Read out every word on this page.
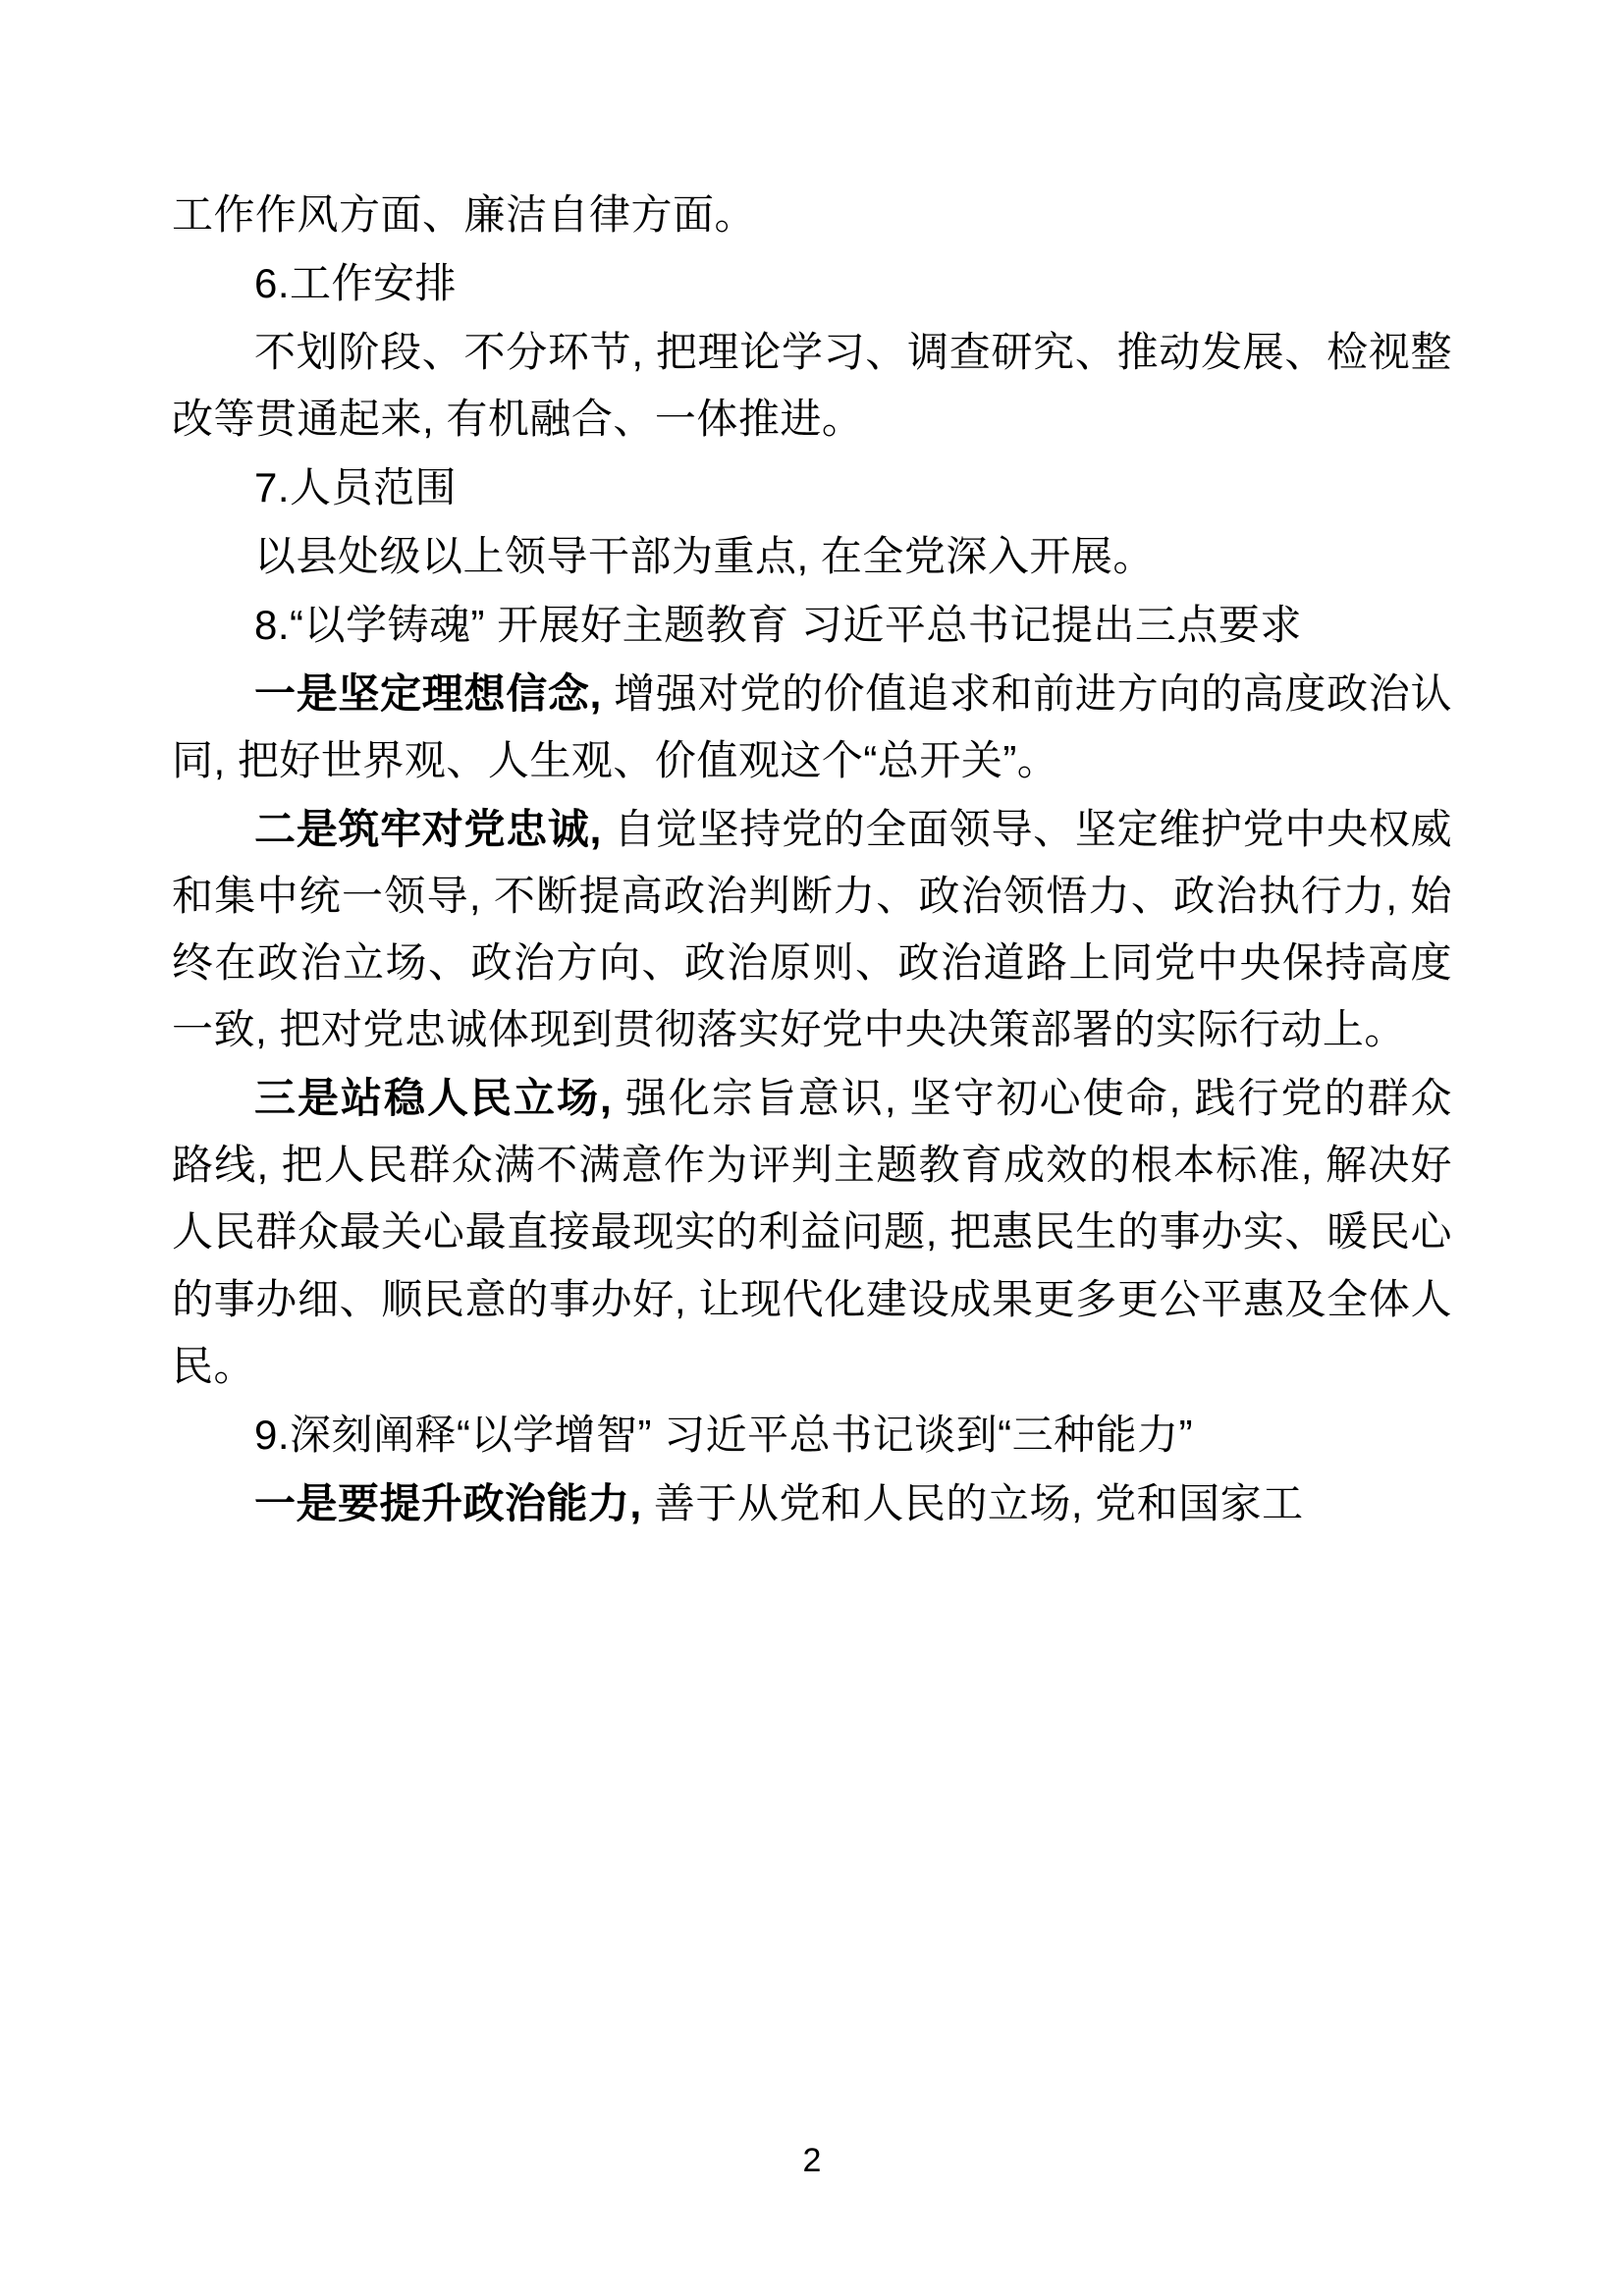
工作作风方面、廉洁自律方面。

6.工作安排

不划阶段、不分环节, 把理论学习、调查研究、推动发展、检视整改等贯通起来, 有机融合、一体推进。

7.人员范围

以县处级以上领导干部为重点, 在全党深入开展。

8.“以学铸魂” 开展好主题教育 习近平总书记提出三点要求

一是坚定理想信念, 增强对党的价值追求和前进方向的高度政治认同, 把好世界观、人生观、价值观这个“总开关”。

二是筑牢对党忠诚, 自觉坚持党的全面领导、坚定维护党中央权威和集中统一领导, 不断提高政治判断力、政治领悟力、政治执行力, 始终在政治立场、政治方向、政治原则、政治道路上同党中央保持高度一致, 把对党忠诚体现到贯彻落实好党中央决策部署的实际行动上。

三是站稳人民立场, 强化宗旨意识, 坚守初心使命, 践行党的群众路线, 把人民群众满不满意作为评判主题教育成效的根本标准, 解决好人民群众最关心最直接最现实的利益问题, 把惠民生的事办实、暖民心的事办细、顺民意的事办好, 让现代化建设成果更多更公平惠及全体人民。

9.深刻阐释“以学增智” 习近平总书记谈到“三种能力”

一是要提升政治能力, 善于从党和人民的立场, 党和国家工

2
